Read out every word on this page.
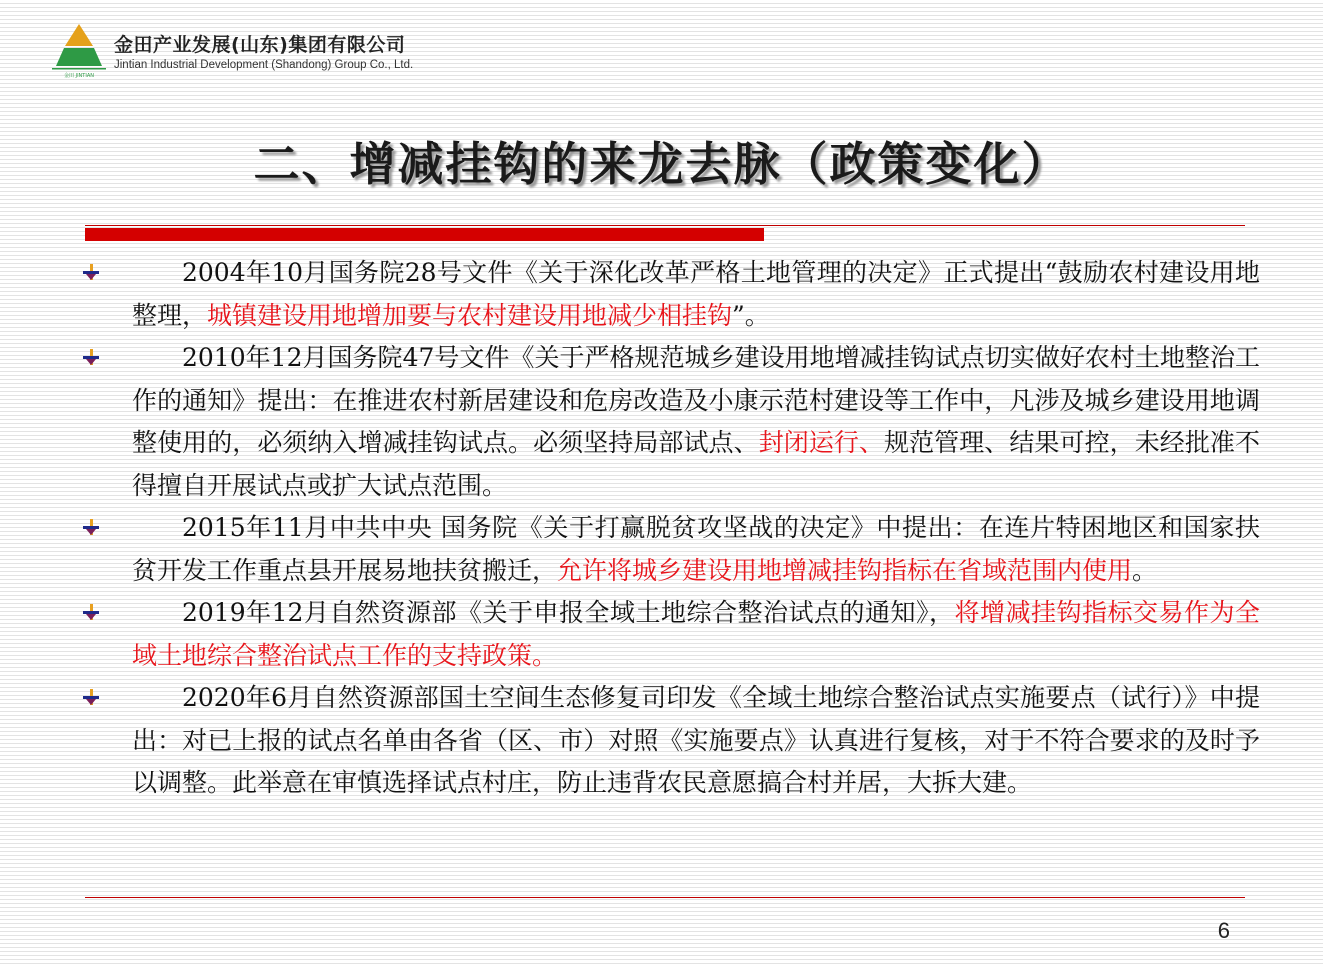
金田 JINTIAN
金田产业发展(山东)集团有限公司
Jintian Industrial Development (Shandong) Group Co., Ltd.
二、增减挂钩的来龙去脉（政策变化）
2004年10月国务院28号文件《关于深化改革严格土地管理的决定》正式提出“鼓励农村建设用地整理，城镇建设用地增加要与农村建设用地减少相挂钩”。
2010年12月国务院47号文件《关于严格规范城乡建设用地增减挂钩试点切实做好农村土地整治工作的通知》提出：在推进农村新居建设和危房改造及小康示范村建设等工作中，凡涉及城乡建设用地调整使用的，必须纳入增减挂钩试点。必须坚持局部试点、封闭运行、规范管理、结果可控，未经批准不得擅自开展试点或扩大试点范围。
2015年11月中共中央 国务院《关于打赢脱贫攻坚战的决定》中提出：在连片特困地区和国家扶贫开发工作重点县开展易地扶贫搬迁，允许将城乡建设用地增减挂钩指标在省域范围内使用。
2019年12月自然资源部《关于申报全域土地综合整治试点的通知》，将增减挂钩指标交易作为全域土地综合整治试点工作的支持政策。
2020年6月自然资源部国土空间生态修复司印发《全域土地综合整治试点实施要点（试行）》中提出：对已上报的试点名单由各省（区、市）对照《实施要点》认真进行复核，对于不符合要求的及时予以调整。此举意在审慎选择试点村庄，防止违背农民意愿搞合村并居，大拆大建。
6
